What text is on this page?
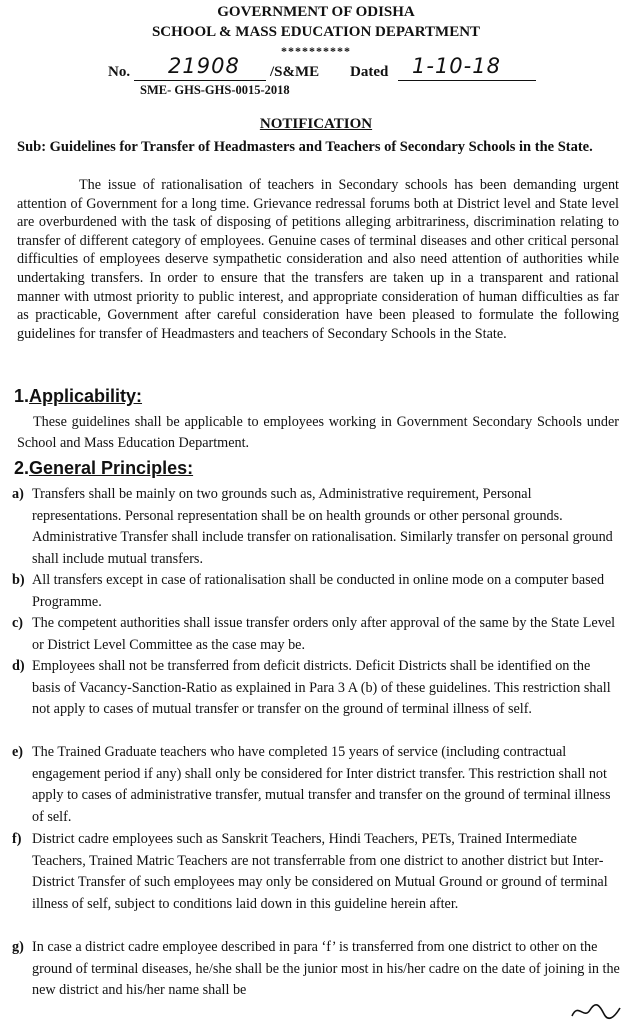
GOVERNMENT OF ODISHA
SCHOOL & MASS EDUCATION DEPARTMENT
**********
No. 21908 /S&ME Dated 1-10-18
SME- GHS-GHS-0015-2018
NOTIFICATION
Sub: Guidelines for Transfer of Headmasters and Teachers of Secondary Schools in the State.
The issue of rationalisation of teachers in Secondary schools has been demanding urgent attention of Government for a long time. Grievance redressal forums both at District level and State level are overburdened with the task of disposing of petitions alleging arbitrariness, discrimination relating to transfer of different category of employees. Genuine cases of terminal diseases and other critical personal difficulties of employees deserve sympathetic consideration and also need attention of authorities while undertaking transfers. In order to ensure that the transfers are taken up in a transparent and rational manner with utmost priority to public interest, and appropriate consideration of human difficulties as far as practicable, Government after careful consideration have been pleased to formulate the following guidelines for transfer of Headmasters and teachers of Secondary Schools in the State.
1.Applicability:
These guidelines shall be applicable to employees working in Government Secondary Schools under School and Mass Education Department.
2.General Principles:
a) Transfers shall be mainly on two grounds such as, Administrative requirement, Personal representations. Personal representation shall be on health grounds or other personal grounds. Administrative Transfer shall include transfer on rationalisation. Similarly transfer on personal ground shall include mutual transfers.
b) All transfers except in case of rationalisation shall be conducted in online mode on a computer based Programme.
c) The competent authorities shall issue transfer orders only after approval of the same by the State Level or District Level Committee as the case may be.
d) Employees shall not be transferred from deficit districts. Deficit Districts shall be identified on the basis of Vacancy-Sanction-Ratio as explained in Para 3 A (b) of these guidelines. This restriction shall not apply to cases of mutual transfer or transfer on the ground of terminal illness of self.
e) The Trained Graduate teachers who have completed 15 years of service (including contractual engagement period if any) shall only be considered for Inter district transfer. This restriction shall not apply to cases of administrative transfer, mutual transfer and transfer on the ground of terminal illness of self.
f) District cadre employees such as Sanskrit Teachers, Hindi Teachers, PETs, Trained Intermediate Teachers, Trained Matric Teachers are not transferrable from one district to another district but Inter-District Transfer of such employees may only be considered on Mutual Ground or ground of terminal illness of self, subject to conditions laid down in this guideline herein after.
g) In case a district cadre employee described in para ‘f’ is transferred from one district to other on the ground of terminal diseases, he/she shall be the junior most in his/her cadre on the date of joining in the new district and his/her name shall be
